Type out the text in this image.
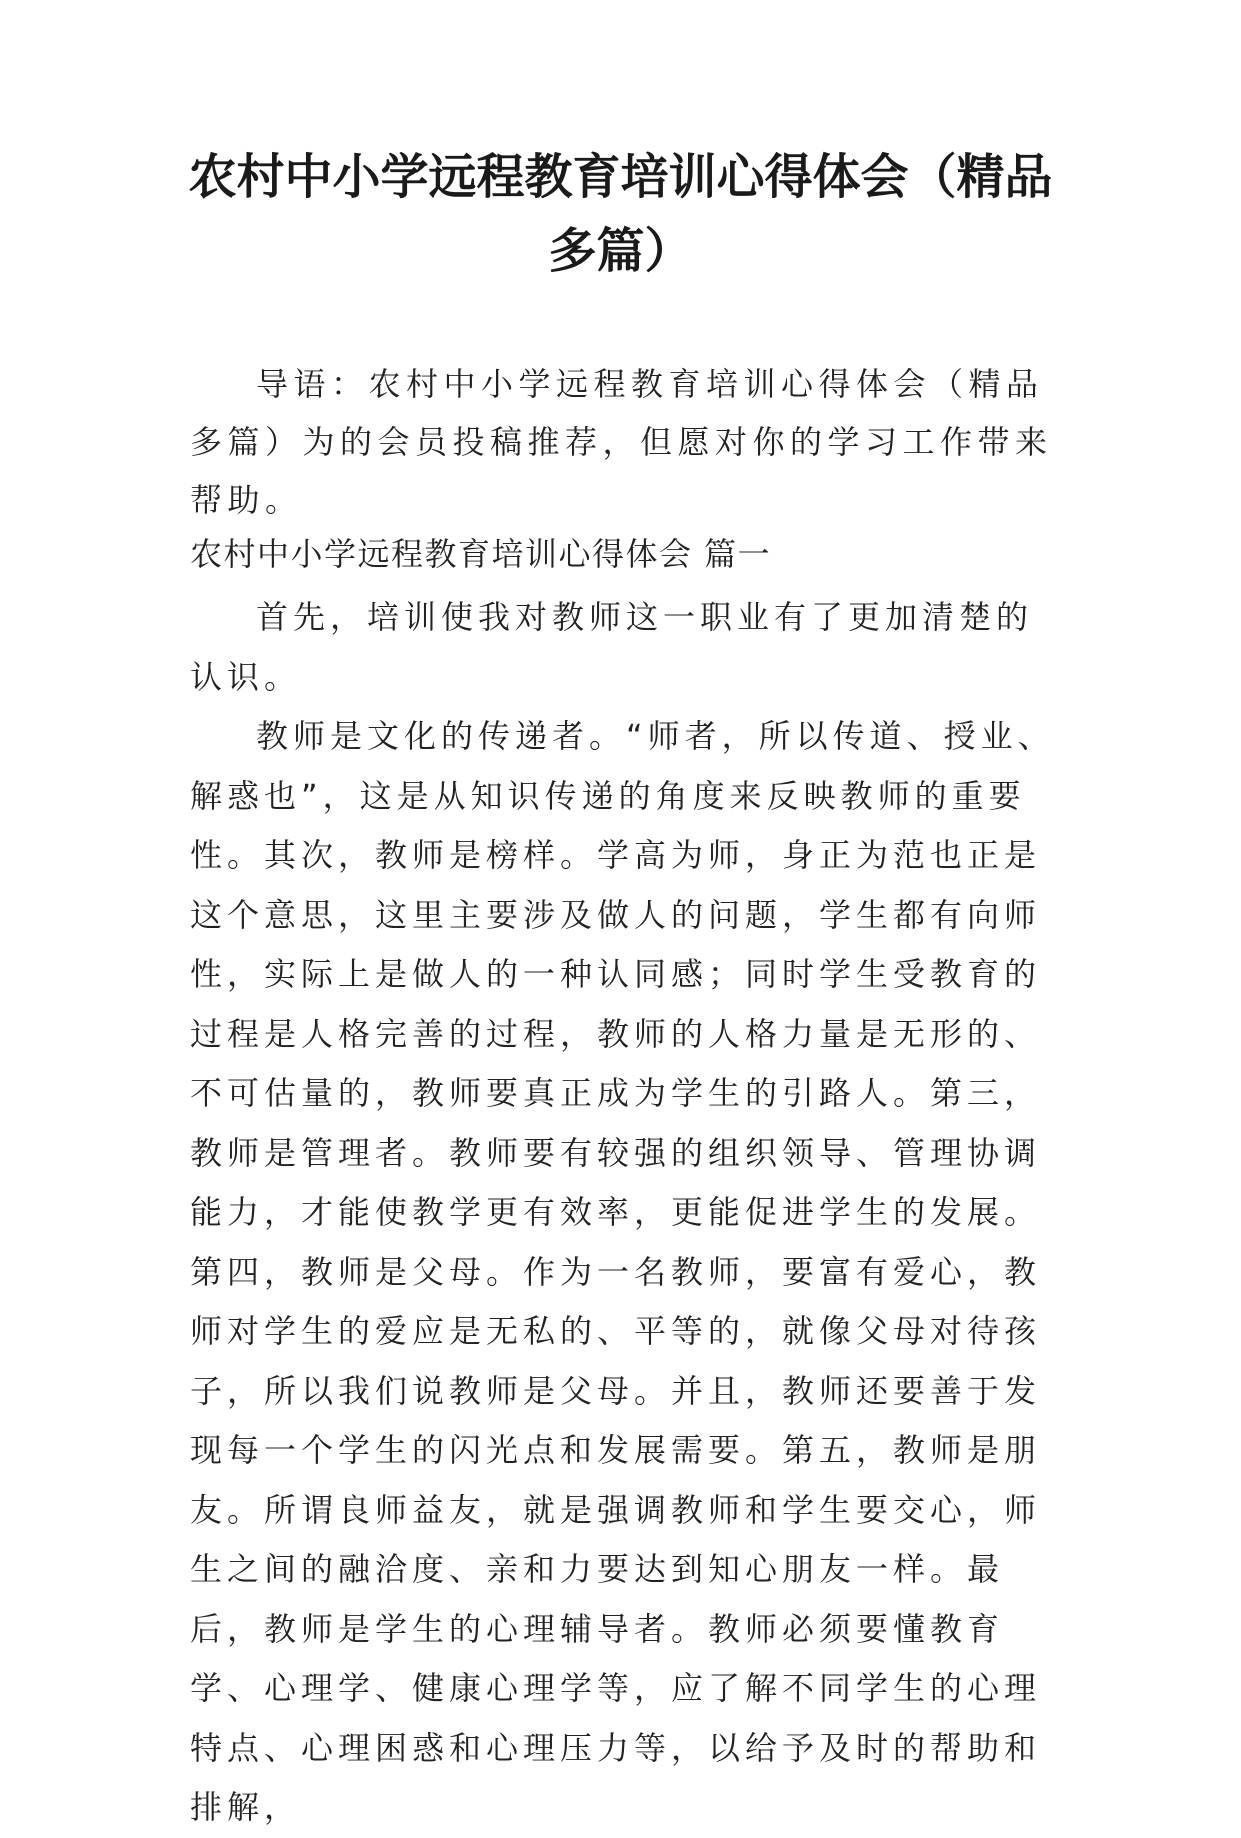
农村中小学远程教育培训心得体会（精品多篇）

导语：农村中小学远程教育培训心得体会（精品多篇）为的会员投稿推荐，但愿对你的学习工作带来帮助。

农村中小学远程教育培训心得体会 篇一

首先，培训使我对教师这一职业有了更加清楚的认识。

教师是文化的传递者。“师者，所以传道、授业、解惑也”，这是从知识传递的角度来反映教师的重要性。其次，教师是榜样。学高为师，身正为范也正是这个意思，这里主要涉及做人的问题，学生都有向师性，实际上是做人的一种认同感；同时学生受教育的过程是人格完善的过程，教师的人格力量是无形的、不可估量的，教师要真正成为学生的引路人。第三，教师是管理者。教师要有较强的组织领导、管理协调能力，才能使教学更有效率，更能促进学生的发展。第四，教师是父母。作为一名教师，要富有爱心，教师对学生的爱应是无私的、平等的，就像父母对待孩子，所以我们说教师是父母。并且，教师还要善于发现每一个学生的闪光点和发展需要。第五，教师是朋友。所谓良师益友，就是强调教师和学生要交心，师生之间的融洽度、亲和力要达到知心朋友一样。最后，教师是学生的心理辅导者。教师必须要懂教育学、心理学、健康心理学等，应了解不同学生的心理特点、心理困惑和心理压力等，以给予及时的帮助和排解，
